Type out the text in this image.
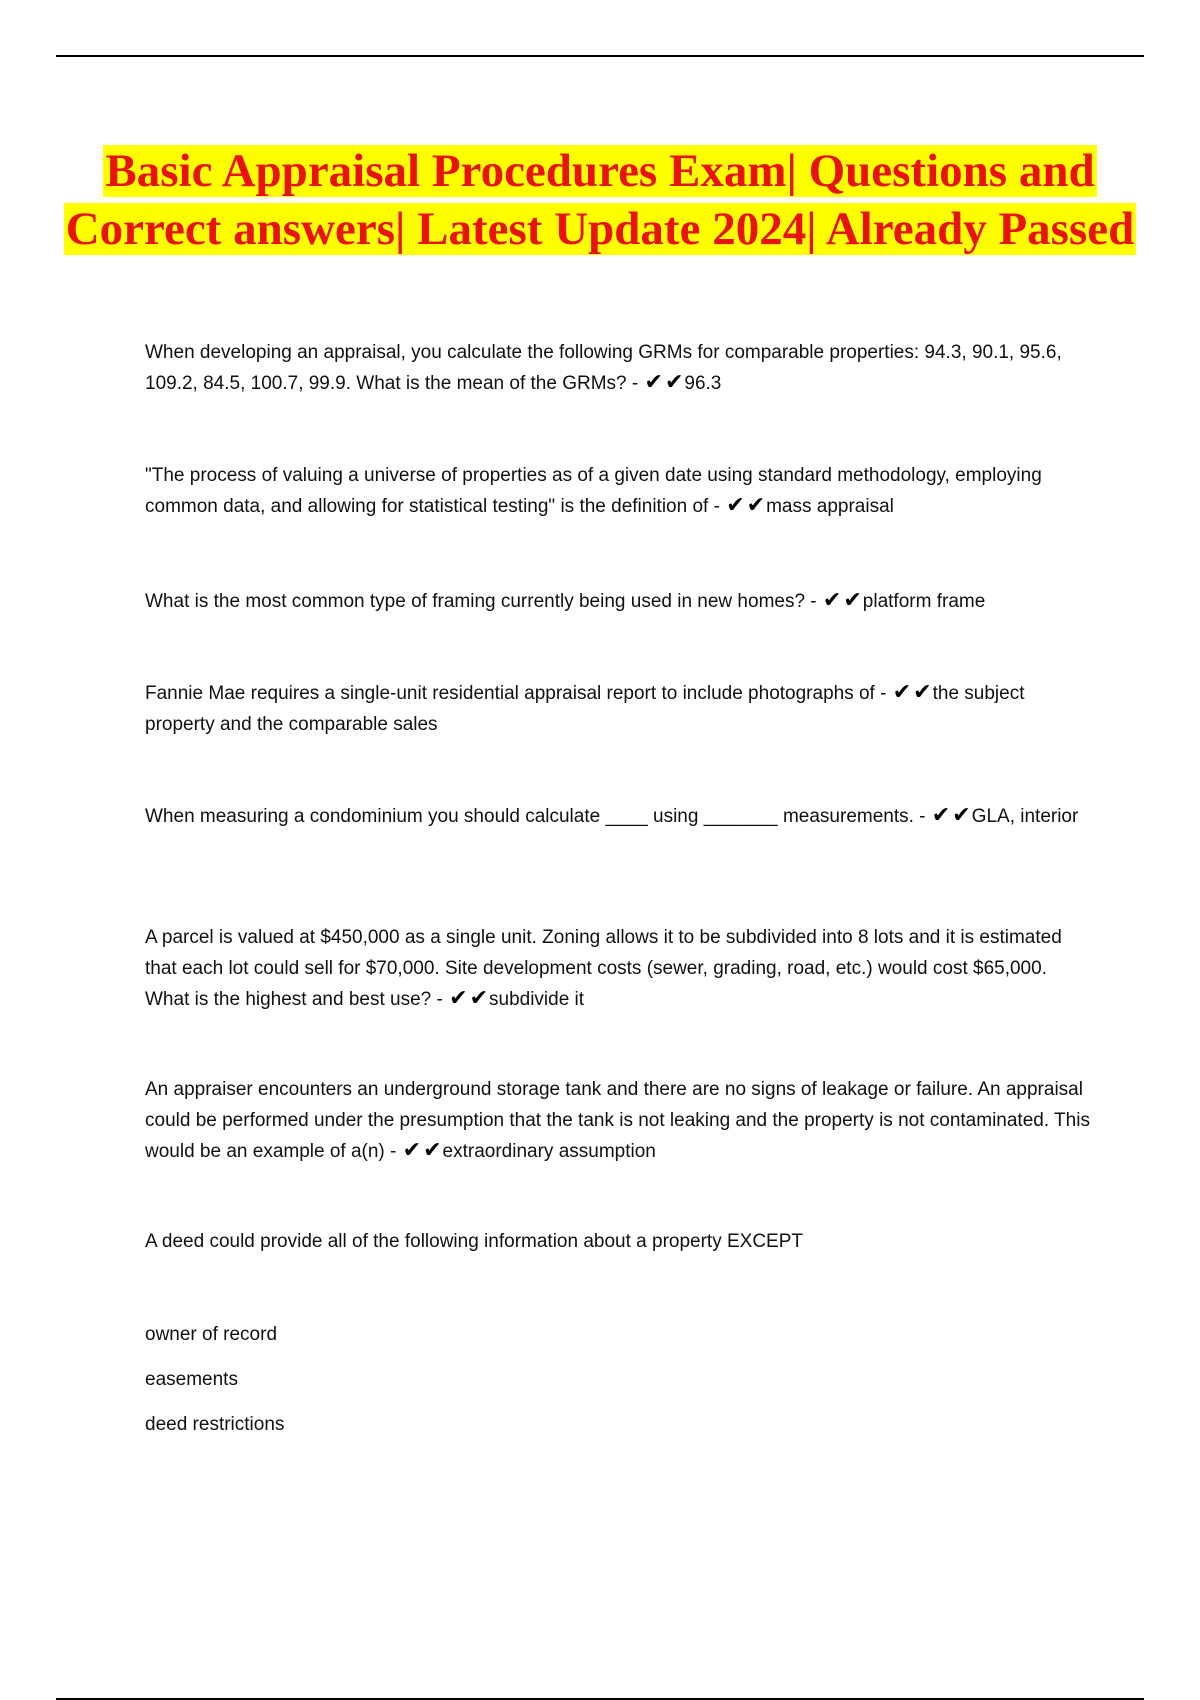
Basic Appraisal Procedures Exam| Questions and Correct answers| Latest Update 2024| Already Passed

When developing an appraisal, you calculate the following GRMs for comparable properties: 94.3, 90.1, 95.6, 109.2, 84.5, 100.7, 99.9. What is the mean of the GRMs? - ✔✔96.3

"The process of valuing a universe of properties as of a given date using standard methodology, employing common data, and allowing for statistical testing" is the definition of - ✔✔mass appraisal

What is the most common type of framing currently being used in new homes? - ✔✔platform frame

Fannie Mae requires a single-unit residential appraisal report to include photographs of - ✔✔the subject property and the comparable sales

When measuring a condominium you should calculate ____ using _______ measurements. - ✔✔GLA, interior

A parcel is valued at $450,000 as a single unit. Zoning allows it to be subdivided into 8 lots and it is estimated that each lot could sell for $70,000. Site development costs (sewer, grading, road, etc.) would cost $65,000. What is the highest and best use? - ✔✔subdivide it

An appraiser encounters an underground storage tank and there are no signs of leakage or failure. An appraisal could be performed under the presumption that the tank is not leaking and the property is not contaminated. This would be an example of a(n) - ✔✔extraordinary assumption

A deed could provide all of the following information about a property EXCEPT

owner of record

easements

deed restrictions
